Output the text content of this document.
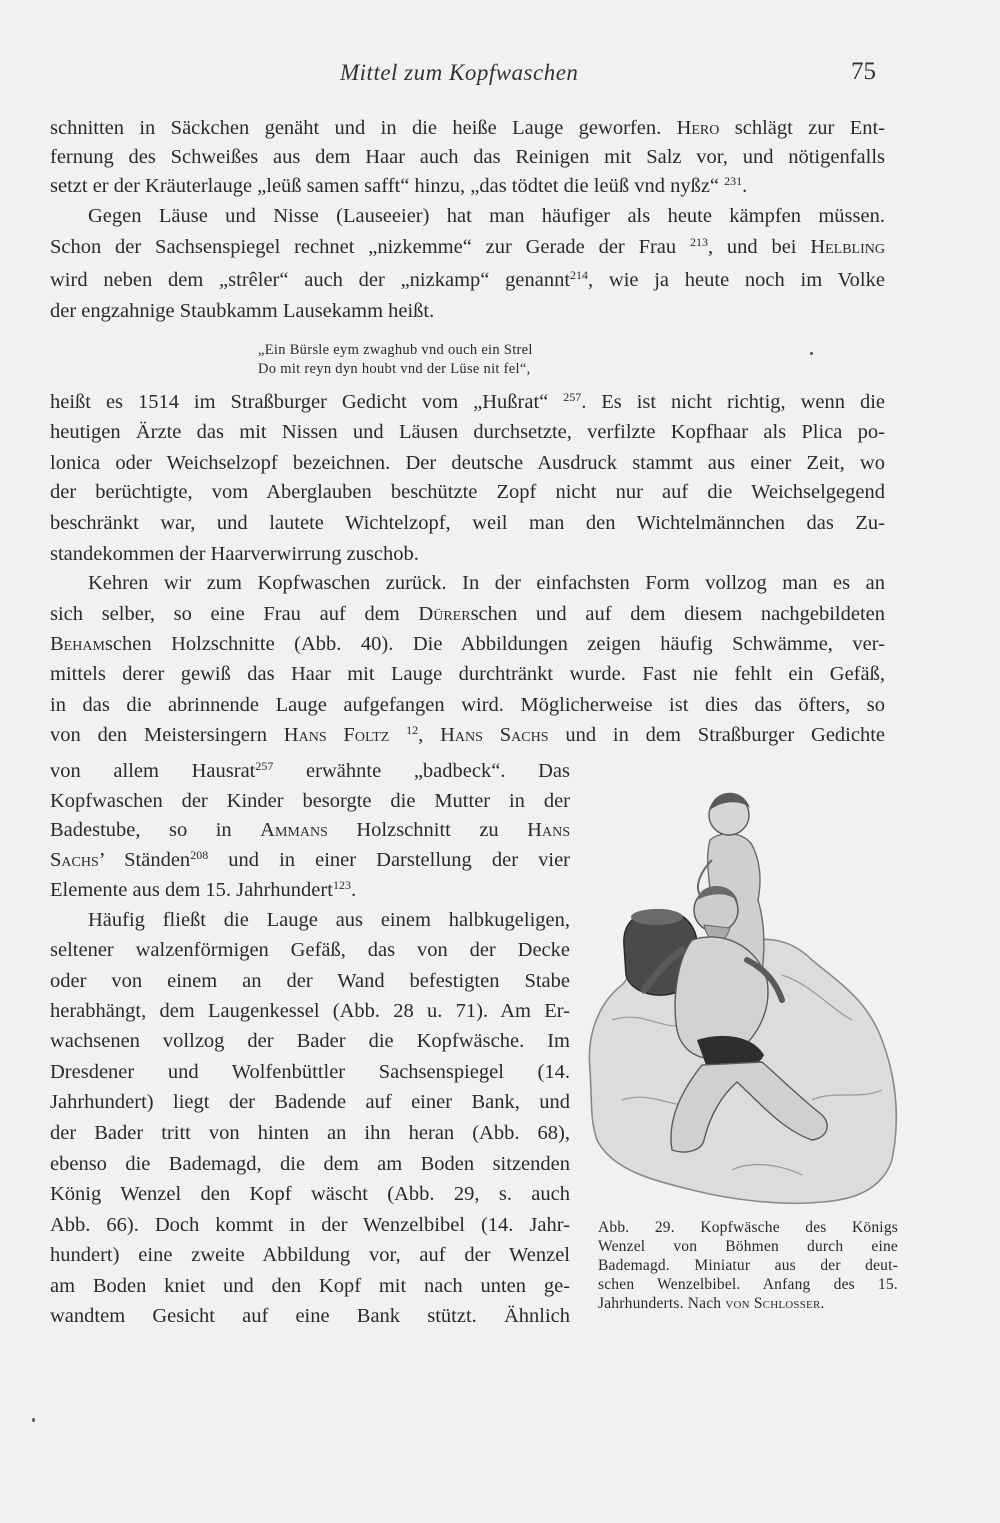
Mittel zum Kopfwaschen	75
schnitten in Säckchen genäht und in die heiße Lauge geworfen. Hero schlägt zur Ent-
fernung des Schweißes aus dem Haar auch das Reinigen mit Salz vor, und nötigenfalls
setzt er der Kräuterlauge „leüß samen safft“ hinzu, „das tödtet die leüß vnd nyßz“ $^{231}$.
Gegen Läuse und Nisse (Lauseeier) hat man häufiger als heute kämpfen müssen.
Schon der Sachsenspiegel rechnet „nizkemme“ zur Gerade der Frau $^{213}$, und bei Helbling
wird neben dem „strêler“ auch der „nizkamp“ genannt$^{214}$, wie ja heute noch im Volke
der engzahnige Staubkamm Lausekamm heißt.
„Ein Bürsle eym zwaghub vnd ouch ein Strel
Do mit reyn dyn houbt vnd der Lüse nit fel“,
heißt es 1514 im Straßburger Gedicht vom „Hußrat“ $^{257}$. Es ist nicht richtig, wenn die
heutigen Ärzte das mit Nissen und Läusen durchsetzte, verfilzte Kopfhaar als Plica po-
lonica oder Weichselzopf bezeichnen. Der deutsche Ausdruck stammt aus einer Zeit, wo
der berüchtigte, vom Aberglauben beschützte Zopf nicht nur auf die Weichselgegend
beschränkt war, und lautete Wichtelzopf, weil man den Wichtelmännchen das Zu-
standekommen der Haarverwirrung zuschob.
Kehren wir zum Kopfwaschen zurück. In der einfachsten Form vollzog man es an
sich selber, so eine Frau auf dem Dürerschen und auf dem diesem nachgebildeten
Behamschen Holzschnitte (Abb. 40). Die Abbildungen zeigen häufig Schwämme, ver-
mittels derer gewiß das Haar mit Lauge durchtränkt wurde. Fast nie fehlt ein Gefäß,
in das die abrinnende Lauge aufgefangen wird. Möglicherweise ist dies das öfters, so
von den Meistersingern Hans Foltz $^{12}$, Hans Sachs und in dem Straßburger Gedichte
von allem Hausrat$^{257}$ erwähnte „badbeck“. Das
Kopfwaschen der Kinder besorgte die Mutter in der
Badestube, so in Ammans Holzschnitt zu Hans
Sachs’ Ständen$^{208}$ und in einer Darstellung der vier
Elemente aus dem 15. Jahrhundert$^{123}$.
Häufig fließt die Lauge aus einem halbkugeligen,
seltener walzenförmigen Gefäß, das von der Decke
oder von einem an der Wand befestigten Stabe
herabhängt, dem Laugenkessel (Abb. 28 u. 71). Am Er-
wachsenen vollzog der Bader die Kopfwäsche. Im
Dresdener und Wolfenbüttler Sachsenspiegel (14.
Jahrhundert) liegt der Badende auf einer Bank, und
der Bader tritt von hinten an ihn heran (Abb. 68),
ebenso die Bademagd, die dem am Boden sitzenden
König Wenzel den Kopf wäscht (Abb. 29, s. auch
Abb. 66). Doch kommt in der Wenzelbibel (14. Jahr-
hundert) eine zweite Abbildung vor, auf der Wenzel
am Boden kniet und den Kopf mit nach unten ge-
wandtem Gesicht auf eine Bank stützt. Ähnlich
Abb. 29. Kopfwäsche des Königs
Wenzel von Böhmen durch eine
Bademagd. Miniatur aus der deut-
schen Wenzelbibel. Anfang des 15.
Jahrhunderts. Nach von Schlosser.
